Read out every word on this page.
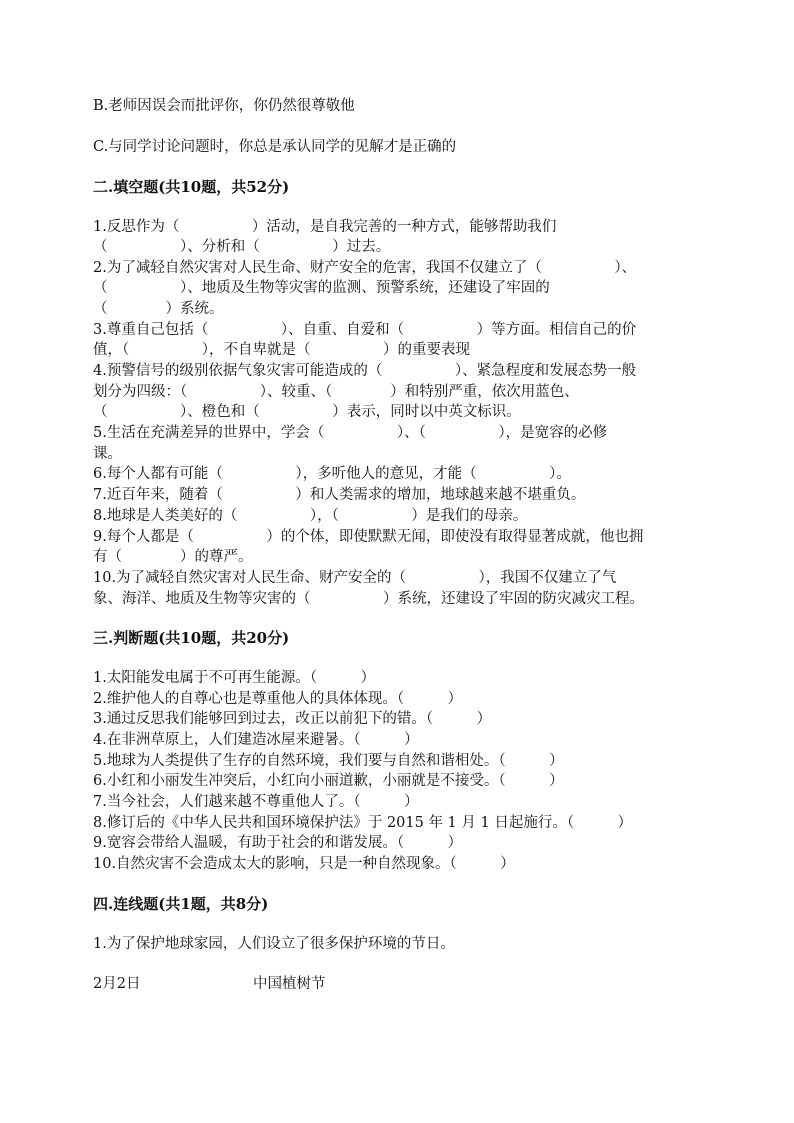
B.老师因误会而批评你，你仍然很尊敬他
C.与同学讨论问题时，你总是承认同学的见解才是正确的
二.填空题(共10题，共52分)
1.反思作为（　　　　　）活动，是自我完善的一种方式，能够帮助我们
（　　　　　）、分析和（　　　　　）过去。
2.为了减轻自然灾害对人民生命、财产安全的危害，我国不仅建立了（　　　　　）、
（　　　　　）、地质及生物等灾害的监测、预警系统，还建设了牢固的
（　　　　）系统。
3.尊重自己包括（　　　　　）、自重、自爱和（　　　　　）等方面。相信自己的价
值，（　　　　　），不自卑就是（　　　　　）的重要表现
4.预警信号的级别依据气象灾害可能造成的（　　　　　）、紧急程度和发展态势一般
划分为四级：（　　　　　）、较重、（　　　　）和特别严重，依次用蓝色、
（　　　　　）、橙色和（　　　　　）表示，同时以中英文标识。
5.生活在充满差异的世界中，学会（　　　　　）、（　　　　　），是宽容的必修
课。
6.每个人都有可能（　　　　　），多听他人的意见，才能（　　　　　）。
7.近百年来，随着（　　　　　）和人类需求的增加，地球越来越不堪重负。
8.地球是人类美好的（　　　　　），（　　　　　）是我们的母亲。
9.每个人都是（　　　　　）的个体，即使默默无闻，即使没有取得显著成就，他也拥
有（　　　　）的尊严。
10.为了减轻自然灾害对人民生命、财产安全的（　　　　　），我国不仅建立了气
象、海洋、地质及生物等灾害的（　　　　　）系统，还建设了牢固的防灾减灾工程。
三.判断题(共10题，共20分)
1.太阳能发电属于不可再生能源。（　　　）
2.维护他人的自尊心也是尊重他人的具体体现。（　　　）
3.通过反思我们能够回到过去，改正以前犯下的错。（　　　）
4.在非洲草原上，人们建造冰屋来避暑。（　　　）
5.地球为人类提供了生存的自然环境，我们要与自然和谐相处。（　　　）
6.小红和小丽发生冲突后，小红向小丽道歉，小丽就是不接受。（　　　）
7.当今社会，人们越来越不尊重他人了。（　　　）
8.修订后的《中华人民共和国环境保护法》于 2015 年 1 月 1 日起施行。（　　　）
9.宽容会带给人温暖，有助于社会的和谐发展。（　　　）
10.自然灾害不会造成太大的影响，只是一种自然现象。（　　　）
四.连线题(共1题，共8分)
1.为了保护地球家园，人们设立了很多保护环境的节日。
2月2日	中国植树节
